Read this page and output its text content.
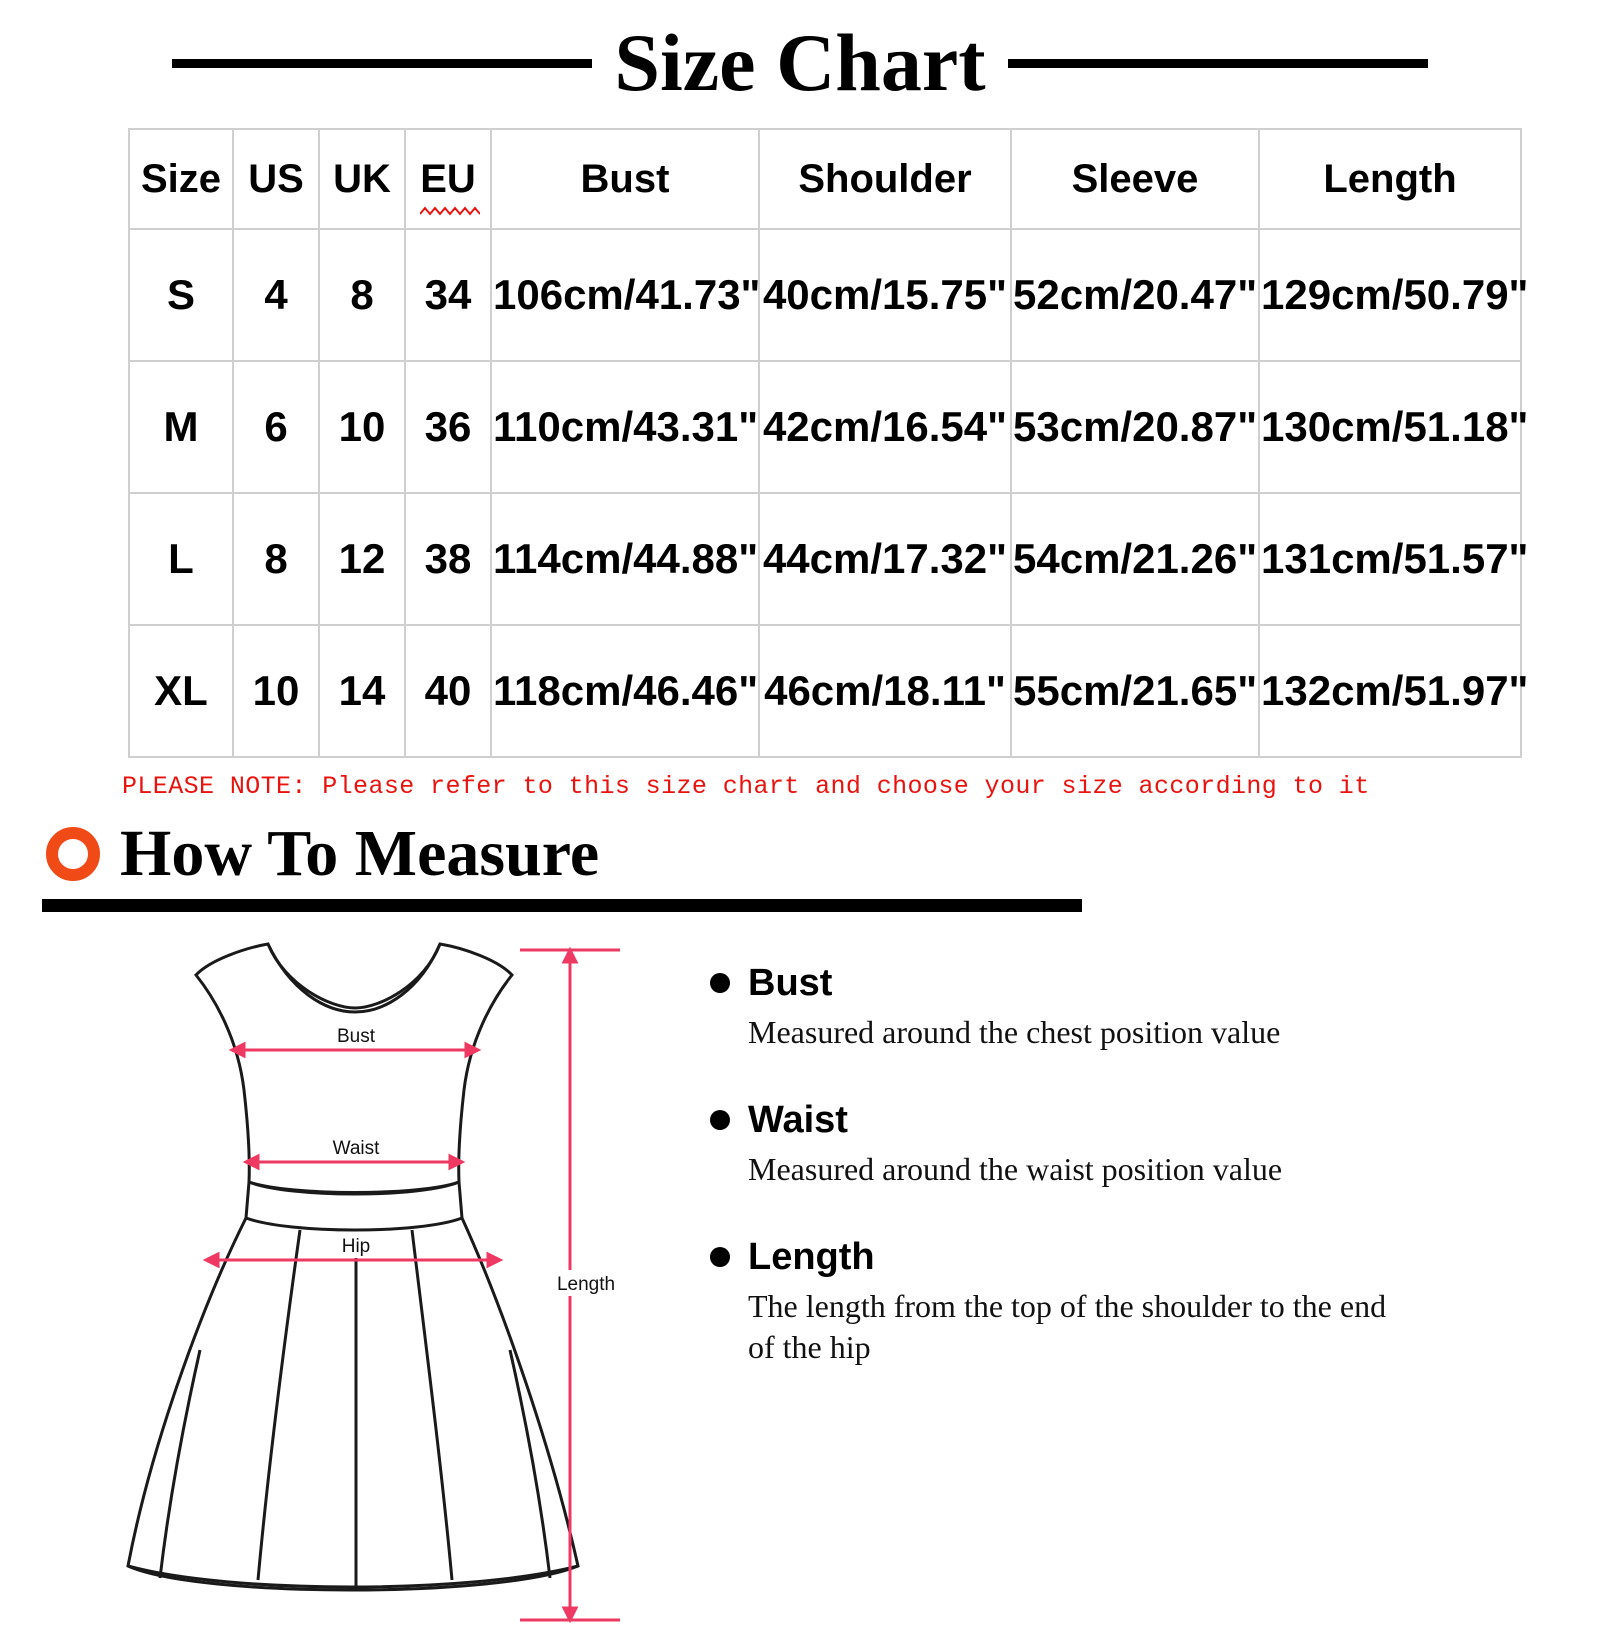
Size Chart
Size	US	UK	EU	Bust	Shoulder	Sleeve	Length
S	4	8	34	106cm/41.73"	40cm/15.75"	52cm/20.47"	129cm/50.79"
M	6	10	36	110cm/43.31"	42cm/16.54"	53cm/20.87"	130cm/51.18"
L	8	12	38	114cm/44.88"	44cm/17.32"	54cm/21.26"	131cm/51.57"
XL	10	14	40	118cm/46.46"	46cm/18.11"	55cm/21.65"	132cm/51.97"
PLEASE NOTE: Please refer to this size chart and choose your size according to it
How To Measure
Bust
Waist
Hip
Length
Bust
Measured around the chest position value
Waist
Measured around the waist position value
Length
The length from the top of the shoulder to the end of the hip
